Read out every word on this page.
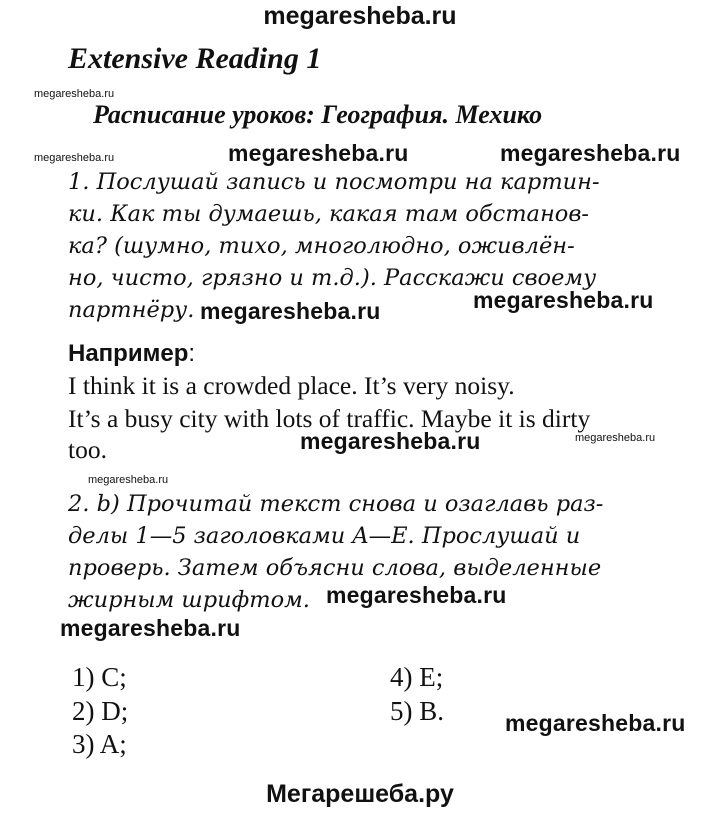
megaresheba.ru
Extensive Reading 1
megaresheba.ru
Расписание уроков: География. Мехико
megaresheba.ru	megaresheba.ru	megaresheba.ru
1. Послушай запись и посмотри на картин-
ки. Как ты думаешь, какая там обстанов-
ка? (шумно, тихо, многолюдно, оживлён-
но, чисто, грязно и т.д.). Расскажи своему
партнёру. megaresheba.ru	megaresheba.ru
Например:
I think it is a crowded place. It’s very noisy.
It’s a busy city with lots of traffic. Maybe it is dirty
too.	megaresheba.ru	megaresheba.ru
megaresheba.ru
2. b) Прочитай текст снова и озаглавь раз-
делы 1—5 заголовками A—E. Прослушай и
проверь. Затем объясни слова, выделенные
жирным шрифтом. megaresheba.ru
megaresheba.ru
1) C;
2) D;
3) A;
4) E;
5) B.	megaresheba.ru
Мегарешеба.ру
